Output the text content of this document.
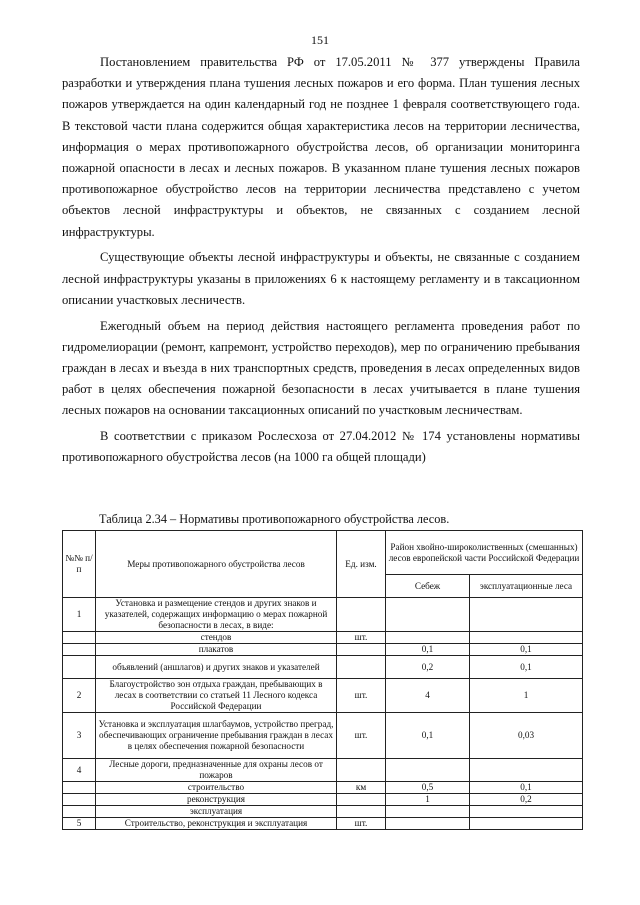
151

Постановлением правительства РФ от 17.05.2011 № 377 утверждены Правила разработки и утверждения плана тушения лесных пожаров и его форма. План тушения лесных пожаров утверждается на один календарный год не позднее 1 февраля соответствующего года. В текстовой части плана содержится общая характеристика лесов на территории лесничества, информация о мерах противопожарного обустройства лесов, об организации мониторинга пожарной опасности в лесах и лесных пожаров. В указанном плане тушения лесных пожаров противопожарное обустройство лесов на территории лесничества представлено с учетом объектов лесной инфраструктуры и объектов, не связанных с созданием лесной инфраструктуры.

Существующие объекты лесной инфраструктуры и объекты, не связанные с созданием лесной инфраструктуры указаны в приложениях 6 к настоящему регламенту и в таксационном описании участковых лесничеств.

Ежегодный объем на период действия настоящего регламента проведения работ по гидромелиорации (ремонт, капремонт, устройство переходов), мер по ограничению пребывания граждан в лесах и въезда в них транспортных средств, проведения в лесах определенных видов работ в целях обеспечения пожарной безопасности в лесах учитывается в плане тушения лесных пожаров на основании таксационных описаний по участковым лесничествам.

В соответствии с приказом Рослесхоза от 27.04.2012 № 174 установлены нормативы противопожарного обустройства лесов (на 1000 га общей площади)

Таблица 2.34 – Нормативы противопожарного обустройства лесов.
№№ п/п	Меры противопожарного обустройства лесов	Ед. изм.	Район хвойно-широколиственных (смешанных) лесов европейской части Российской Федерации	
			Себеж	эксплуатационные леса
1	Установка и размещение стендов и других знаков и указателей, содержащих информацию о мерах пожарной безопасности в лесах, в виде:			
	стендов	шт.		
	плакатов		0,1	0,1
	объявлений (аншлагов) и других знаков и указателей		0,2	0,1
2	Благоустройство зон отдыха граждан, пребывающих в лесах в соответствии со статьей 11 Лесного кодекса Российской Федерации	шт.	4	1
3	Установка и эксплуатация шлагбаумов, устройство преград, обеспечивающих ограничение пребывания граждан в лесах в целях обеспечения пожарной безопасности	шт.	0,1	0,03
4	Лесные дороги, предназначенные для охраны лесов от пожаров			
	строительство	км	0,5	0,1
	реконструкция		1	0,2
	эксплуатация			
5	Строительство, реконструкция и эксплуатация	шт.		
